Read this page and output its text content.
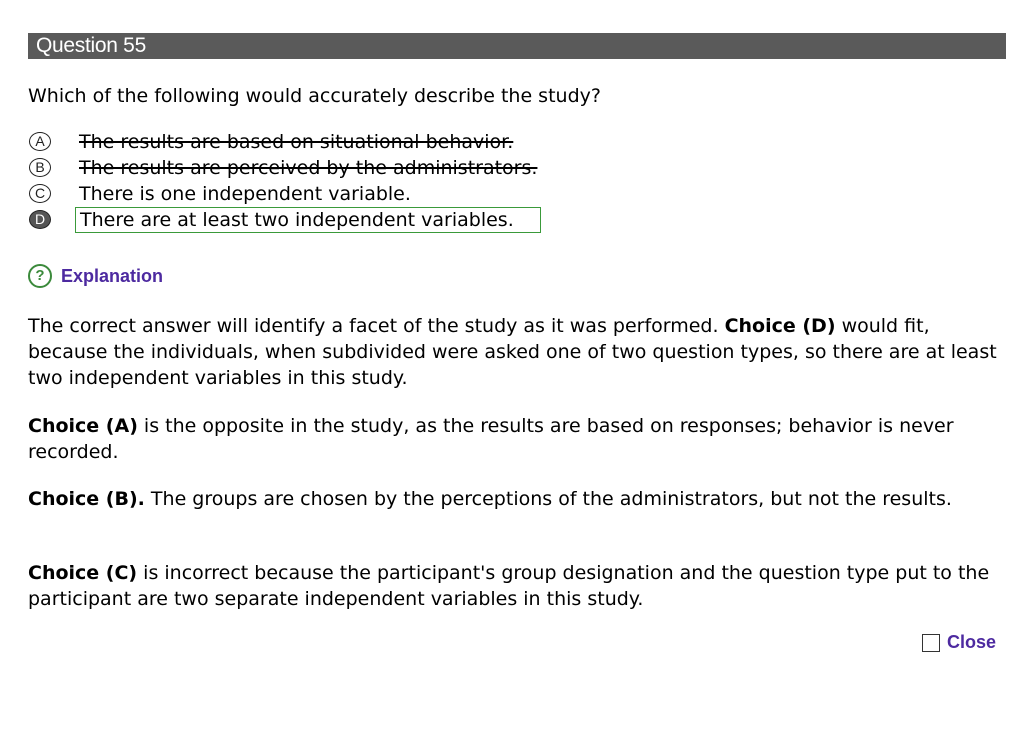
Question 55
Which of the following would accurately describe the study?
A	The results are based on situational behavior.
B	The results are perceived by the administrators.
C	There is one independent variable.
D	There are at least two independent variables.
? Explanation
The correct answer will identify a facet of the study as it was performed. Choice (D) would fit, because the individuals, when subdivided were asked one of two question types, so there are at least two independent variables in this study.
Choice (A) is the opposite in the study, as the results are based on responses; behavior is never recorded.
Choice (B). The groups are chosen by the perceptions of the administrators, but not the results.
Choice (C) is incorrect because the participant's group designation and the question type put to the participant are two separate independent variables in this study.
Close
